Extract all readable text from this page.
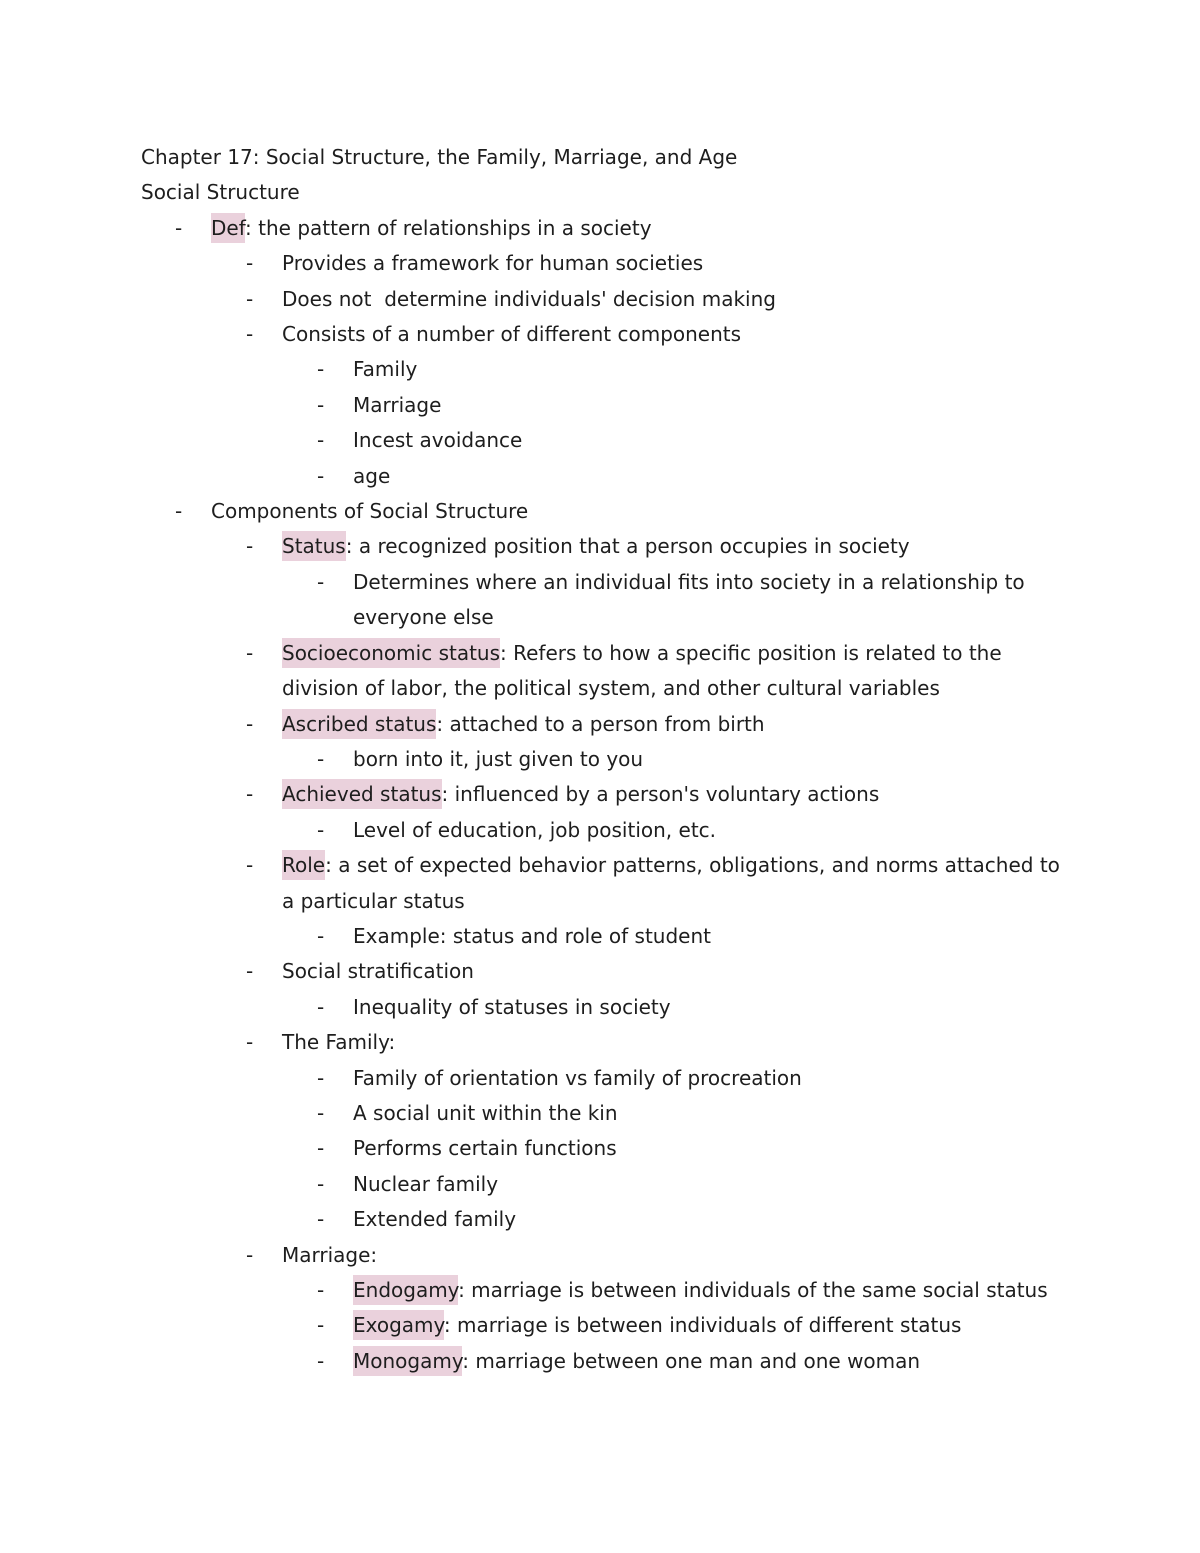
Chapter 17: Social Structure, the Family, Marriage, and Age

Social Structure

-	Def: the pattern of relationships in a society
-	Provides a framework for human societies
-	Does not  determine individuals' decision making
-	Consists of a number of different components
-	Family
-	Marriage
-	Incest avoidance
-	age
-	Components of Social Structure
-	Status: a recognized position that a person occupies in society
-	Determines where an individual fits into society in a relationship to everyone else
-	Socioeconomic status: Refers to how a specific position is related to the division of labor, the political system, and other cultural variables
-	Ascribed status: attached to a person from birth
-	born into it, just given to you
-	Achieved status: influenced by a person's voluntary actions
-	Level of education, job position, etc.
-	Role: a set of expected behavior patterns, obligations, and norms attached to a particular status
-	Example: status and role of student
-	Social stratification
-	Inequality of statuses in society
-	The Family:
-	Family of orientation vs family of procreation
-	A social unit within the kin
-	Performs certain functions
-	Nuclear family
-	Extended family
-	Marriage:
-	Endogamy: marriage is between individuals of the same social status
-	Exogamy: marriage is between individuals of different status
-	Monogamy: marriage between one man and one woman
